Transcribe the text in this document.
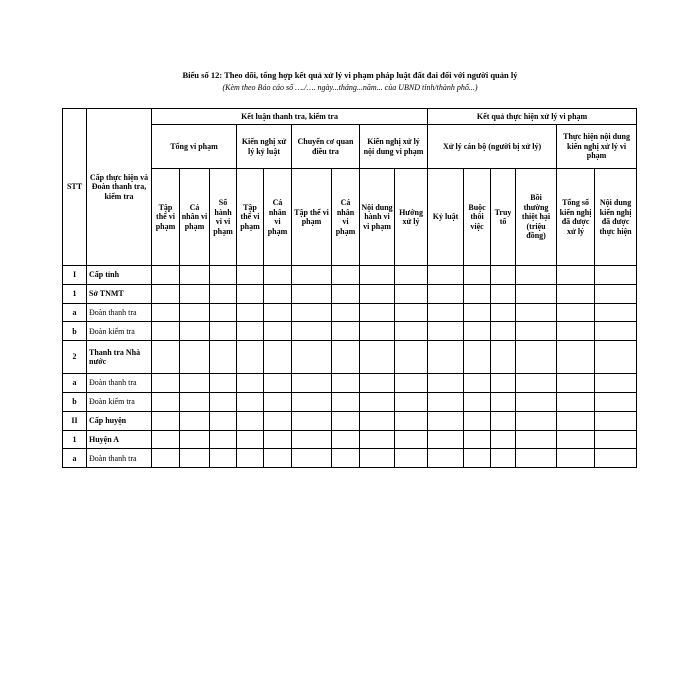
Biểu số 12: Theo dõi, tổng hợp kết quả xử lý vi phạm pháp luật đất đai đối với người quản lý
(Kèm theo Báo cáo số …./…. ngày...tháng...năm... của UBND tỉnh/thành phố...)
STT	Cấp thực hiện và Đoàn thanh tra, kiểm tra	Kết luận thanh tra, kiểm tra									Kết quả thực hiện xử lý vi phạm					
		Tổng vi phạm			Kiến nghị xử lý kỷ luật		Chuyển cơ quan điều tra		Kiến nghị xử lý nội dung vi phạm		Xử lý cán bộ (người bị xử lý)				Thực hiện nội dung kiến nghị xử lý vi phạm	
		Tập thể vi phạm	Cá nhân vi phạm	Số hành vi vi phạm	Tập thể vi phạm	Cá nhân vi phạm	Tập thể vi phạm	Cá nhân vi phạm	Nội dung hành vi vi phạm	Hướng xử lý	Kỷ luật	Buộc thôi việc	Truy tố	Bồi thường thiệt hại (triệu đồng)	Tổng số kiến nghị đã được xử lý	Nội dung kiến nghị đã được thực hiện
I	Cấp tỉnh															
1	Sở TNMT															
a	Đoàn thanh tra															
b	Đoàn kiểm tra															
2	Thanh tra Nhà nước															
a	Đoàn thanh tra															
b	Đoàn kiểm tra															
II	Cấp huyện															
1	Huyện A															
a	Đoàn thanh tra															
